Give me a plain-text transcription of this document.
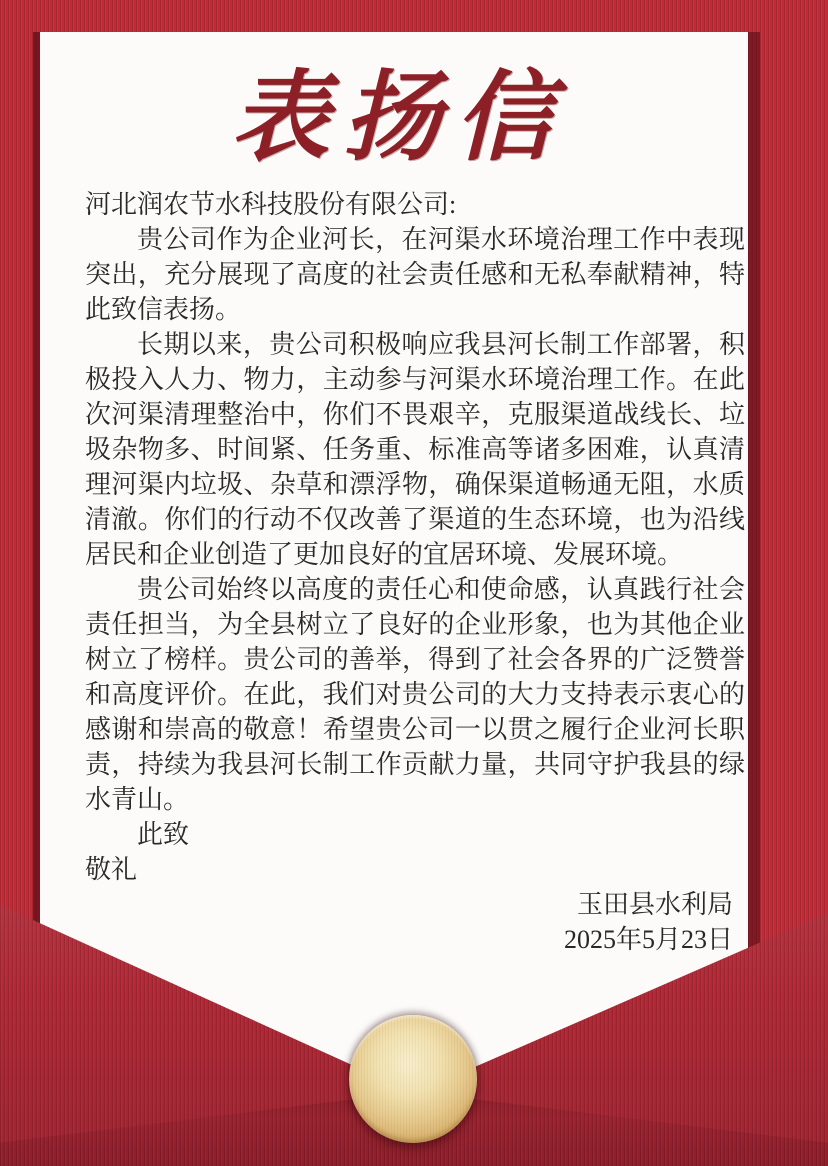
表扬信

河北润农节水科技股份有限公司:

贵公司作为企业河长，在河渠水环境治理工作中表现突出，充分展现了高度的社会责任感和无私奉献精神，特此致信表扬。

长期以来，贵公司积极响应我县河长制工作部署，积极投入人力、物力，主动参与河渠水环境治理工作。在此次河渠清理整治中，你们不畏艰辛，克服渠道战线长、垃圾杂物多、时间紧、任务重、标准高等诸多困难，认真清理河渠内垃圾、杂草和漂浮物，确保渠道畅通无阻，水质清澈。你们的行动不仅改善了渠道的生态环境，也为沿线居民和企业创造了更加良好的宜居环境、发展环境。

贵公司始终以高度的责任心和使命感，认真践行社会责任担当，为全县树立了良好的企业形象，也为其他企业树立了榜样。贵公司的善举，得到了社会各界的广泛赞誉和高度评价。在此，我们对贵公司的大力支持表示衷心的感谢和崇高的敬意！希望贵公司一以贯之履行企业河长职责，持续为我县河长制工作贡献力量，共同守护我县的绿水青山。

此致

敬礼

玉田县水利局

2025年5月23日
